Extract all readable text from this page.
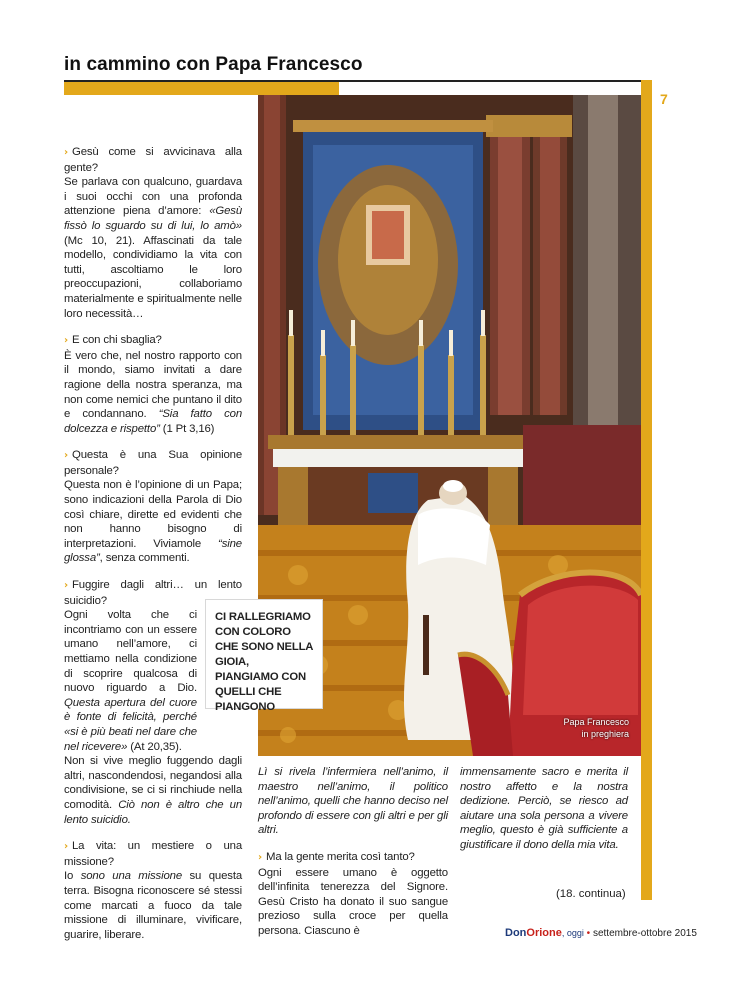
in cammino con Papa Francesco
7
Papa Francesco
in preghiera
CI RALLEGRIAMO CON COLORO CHE SONO NELLA GIOIA, PIANGIAMO CON QUELLI CHE PIANGONO

› Gesù come si avvicinava alla gente?

Se parlava con qualcuno, guardava i suoi occhi con una profonda attenzione piena d’amore: «Gesù fissò lo sguardo su di lui, lo amò» (Mc 10, 21). Affascinati da tale modello, condividiamo la vita con tutti, ascoltiamo le loro preoccupazioni, collaboriamo materialmente e spiritualmente nelle loro necessità…

› E con chi sbaglia?

È vero che, nel nostro rapporto con il mondo, siamo invitati a dare ragione della nostra speranza, ma non come nemici che puntano il dito e condannano. “Sia fatto con dolcezza e rispetto” (1 Pt 3,16)

› Questa è una Sua opinione personale?

Questa non è l’opinione di un Papa; sono indicazioni della Parola di Dio così chiare, dirette ed evidenti che non hanno bisogno di interpretazioni. Viviamole “sine glossa”, senza commenti.

› Fuggire dagli altri… un lento suicidio?

Ogni volta che ci incontriamo con un essere umano nell’amore, ci mettiamo nella condizione di scoprire qualcosa di nuovo riguardo a Dio. Questa apertura del cuore è fonte di felicità, perché «si è più beati nel dare che nel ricevere» (At 20,35).

Non si vive meglio fuggendo dagli altri, nascondendosi, negandosi alla condivisione, se ci si rinchiude nella comodità. Ciò non è altro che un lento suicidio.

› La vita: un mestiere o una missione?

Io sono una missione su questa terra. Bisogna riconoscere sé stessi come marcati a fuoco da tale missione di illuminare, vivificare, guarire, liberare.

Lì si rivela l’infermiera nell’animo, il maestro nell’animo, il politico nell’animo, quelli che hanno deciso nel profondo di essere con gli altri e per gli altri.

› Ma la gente merita così tanto?

Ogni essere umano è oggetto dell’infinita tenerezza del Signore. Gesù Cristo ha donato il suo sangue prezioso sulla croce per quella persona. Ciascuno è

immensamente sacro e merita il nostro affetto e la nostra dedizione. Perciò, se riesco ad aiutare una sola persona a vivere meglio, questo è già sufficiente a giustificare il dono della mia vita.

(18. continua)
DonOrione, oggi • settembre-ottobre 2015
